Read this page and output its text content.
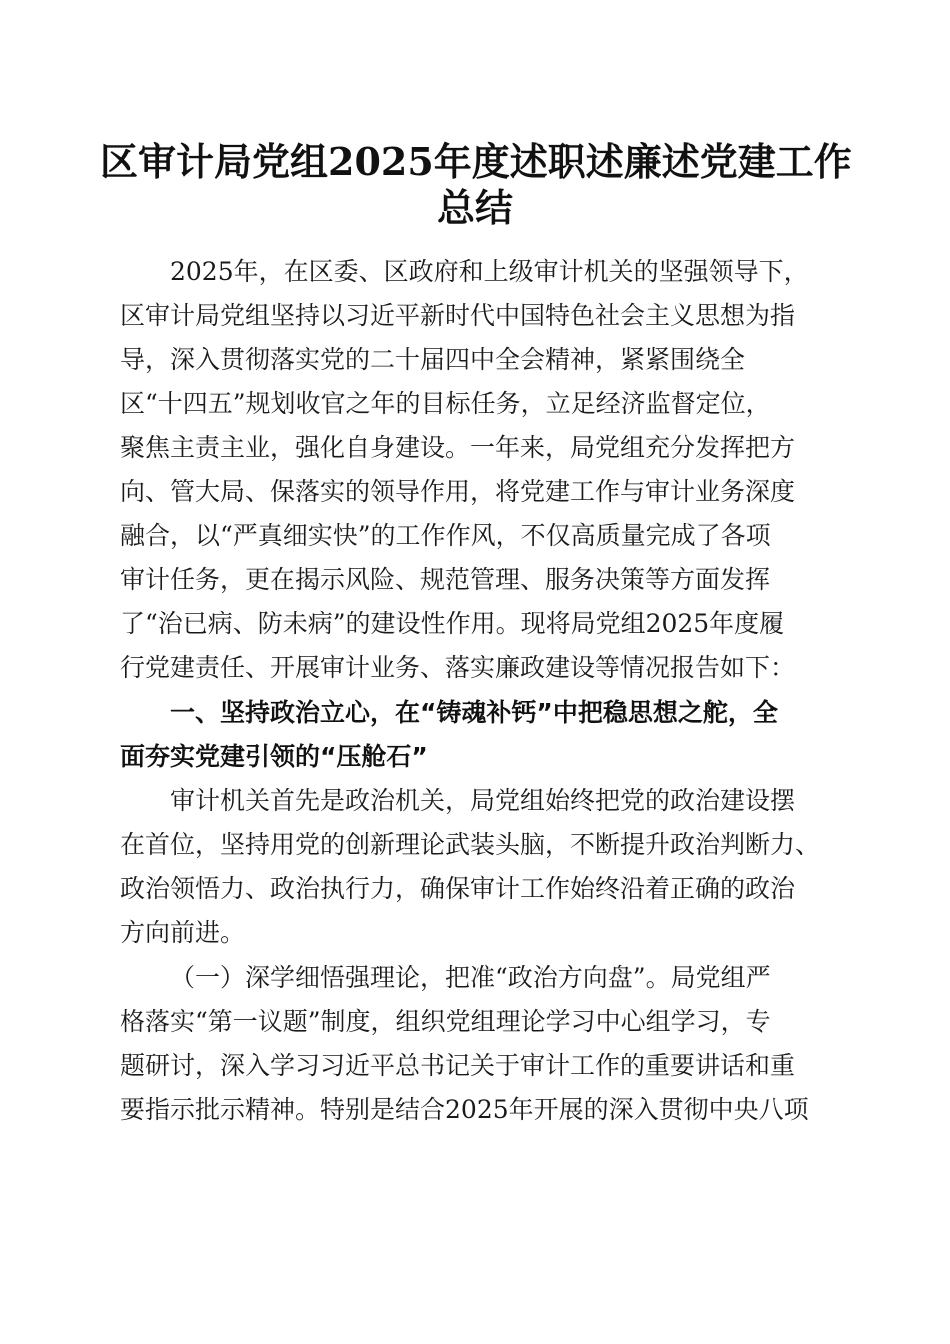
区审计局党组2025年度述职述廉述党建工作
总结
2025年，在区委、区政府和上级审计机关的坚强领导下，
区审计局党组坚持以习近平新时代中国特色社会主义思想为指
导，深入贯彻落实党的二十届四中全会精神，紧紧围绕全
区“十四五”规划收官之年的目标任务，立足经济监督定位，
聚焦主责主业，强化自身建设。一年来，局党组充分发挥把方
向、管大局、保落实的领导作用，将党建工作与审计业务深度
融合，以“严真细实快”的工作作风，不仅高质量完成了各项
审计任务，更在揭示风险、规范管理、服务决策等方面发挥
了“治已病、防未病”的建设性作用。现将局党组2025年度履
行党建责任、开展审计业务、落实廉政建设等情况报告如下：
一、坚持政治立心，在“铸魂补钙”中把稳思想之舵，全
面夯实党建引领的“压舱石”
审计机关首先是政治机关，局党组始终把党的政治建设摆
在首位，坚持用党的创新理论武装头脑，不断提升政治判断力、
政治领悟力、政治执行力，确保审计工作始终沿着正确的政治
方向前进。
（一）深学细悟强理论，把准“政治方向盘”。局党组严
格落实“第一议题”制度，组织党组理论学习中心组学习，专
题研讨，深入学习习近平总书记关于审计工作的重要讲话和重
要指示批示精神。特别是结合2025年开展的深入贯彻中央八项
